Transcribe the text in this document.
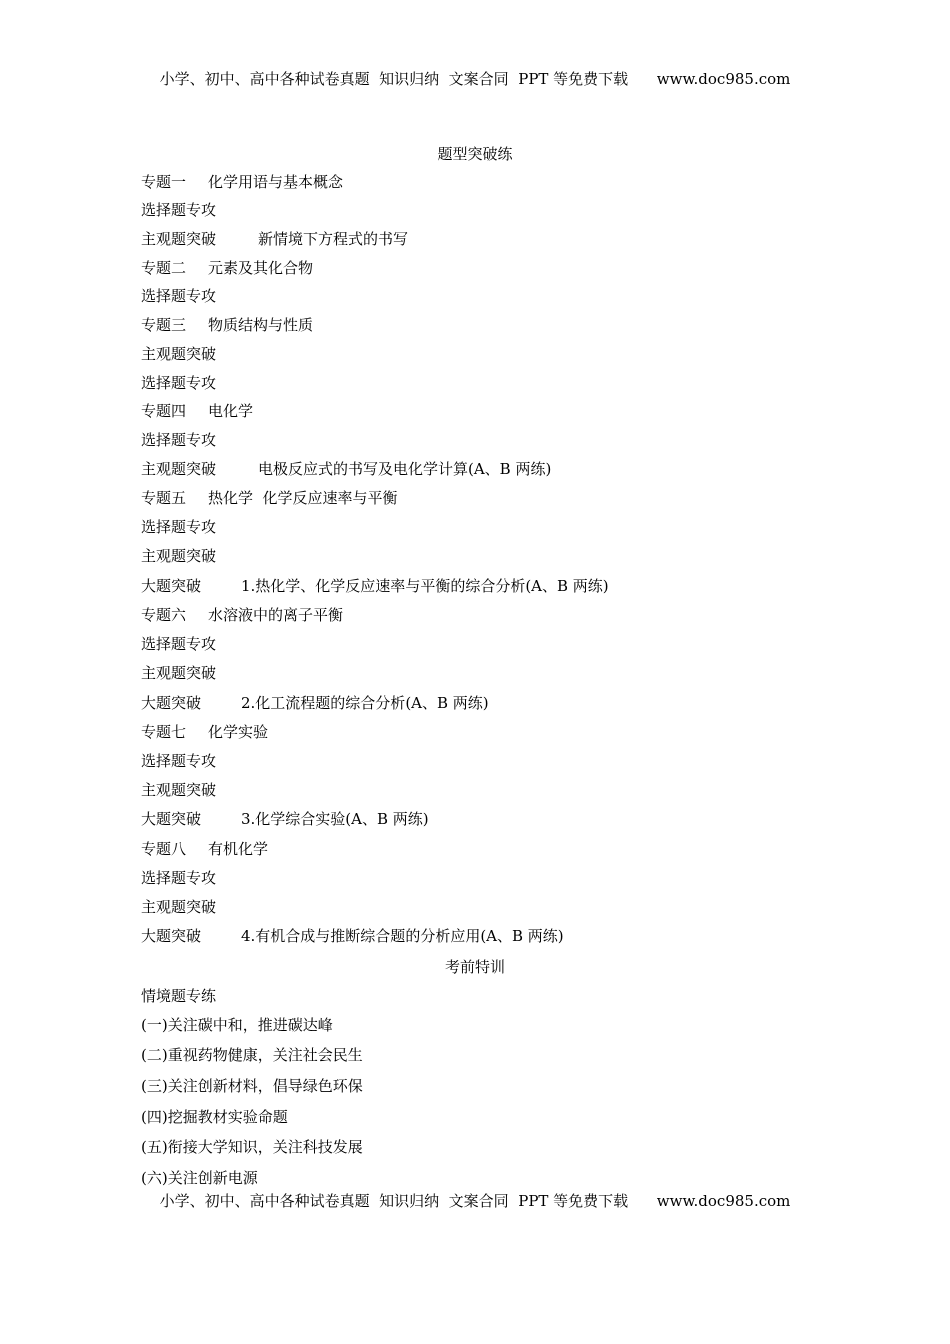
小学、初中、高中各种试卷真题  知识归纳  文案合同  PPT 等免费下载      www.doc985.com
题型突破练
专题一 化学用语与基本概念
选择题专攻
主观题突破	新情境下方程式的书写
专题二 元素及其化合物
选择题专攻
专题三 物质结构与性质
主观题突破
选择题专攻
专题四 电化学
选择题专攻
主观题突破	电极反应式的书写及电化学计算(A、B 两练)
专题五 热化学  化学反应速率与平衡
选择题专攻
主观题突破
大题突破	1.热化学、化学反应速率与平衡的综合分析(A、B 两练)
专题六 水溶液中的离子平衡
选择题专攻
主观题突破
大题突破	2.化工流程题的综合分析(A、B 两练)
专题七 化学实验
选择题专攻
主观题突破
大题突破	3.化学综合实验(A、B 两练)
专题八 有机化学
选择题专攻
主观题突破
大题突破	4.有机合成与推断综合题的分析应用(A、B 两练)
考前特训
情境题专练
(一)关注碳中和，推进碳达峰
(二)重视药物健康，关注社会民生
(三)关注创新材料，倡导绿色环保
(四)挖掘教材实验命题
(五)衔接大学知识，关注科技发展
(六)关注创新电源
小学、初中、高中各种试卷真题  知识归纳  文案合同  PPT 等免费下载      www.doc985.com
